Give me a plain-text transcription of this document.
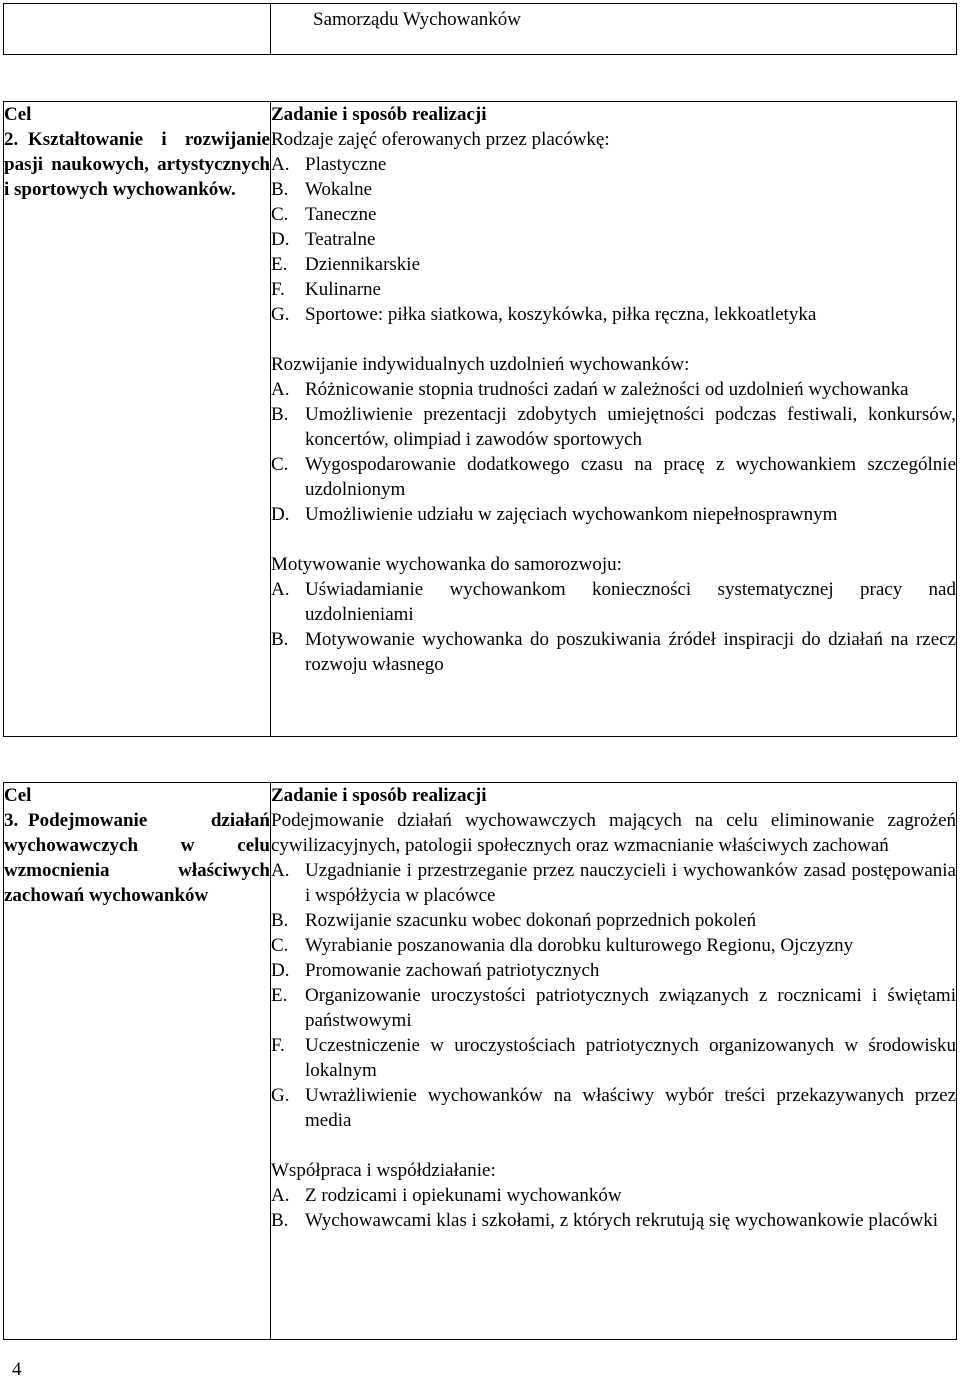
	Samorządu Wychowanków
Cel
2. Kształtowanie i rozwijanie pasji naukowych, artystycznych i sportowych wychowanków.

Zadanie i sposób realizacji
Rodzaje zajęć oferowanych przez placówkę:
A. Plastyczne
B. Wokalne
C. Taneczne
D. Teatralne
E. Dziennikarskie
F.	Kulinarne
G. Sportowe: piłka siatkowa, koszykówka, piłka ręczna, lekkoatletyka
Rozwijanie indywidualnych uzdolnień wychowanków:
A. Różnicowanie stopnia trudności zadań w zależności od uzdolnień wychowanka
B. Umożliwienie prezentacji zdobytych umiejętności podczas festiwali, konkursów, koncertów, olimpiad i zawodów sportowych
C. Wygospodarowanie dodatkowego czasu na pracę z wychowankiem szczególnie uzdolnionym
D. Umożliwienie udziału w zajęciach wychowankom niepełnosprawnym
Motywowanie wychowanka do samorozwoju:
A. Uświadamianie wychowankom konieczności systematycznej pracy nad uzdolnieniami
B. Motywowanie wychowanka do poszukiwania źródeł inspiracji do działań na rzecz rozwoju własnego
Cel
3. Podejmowanie działań wychowawczych w celu wzmocnienia właściwych zachowań wychowanków

Zadanie i sposób realizacji
Podejmowanie działań wychowawczych mających na celu eliminowanie zagrożeń cywilizacyjnych, patologii społecznych oraz wzmacnianie właściwych zachowań
A. Uzgadnianie i przestrzeganie przez nauczycieli i wychowanków zasad postępowania i współżycia w placówce
B. Rozwijanie szacunku wobec dokonań poprzednich pokoleń
C. Wyrabianie poszanowania dla dorobku kulturowego Regionu, Ojczyzny
D. Promowanie zachowań patriotycznych
E. Organizowanie uroczystości patriotycznych związanych z rocznicami i świętami państwowymi
F.	Uczestniczenie w uroczystościach patriotycznych organizowanych w środowisku lokalnym
G. Uwrażliwienie wychowanków na właściwy wybór treści przekazywanych przez media
Współpraca i współdziałanie:
A. Z rodzicami i opiekunami wychowanków
B. Wychowawcami klas i szkołami, z których rekrutują się wychowankowie placówki
4
